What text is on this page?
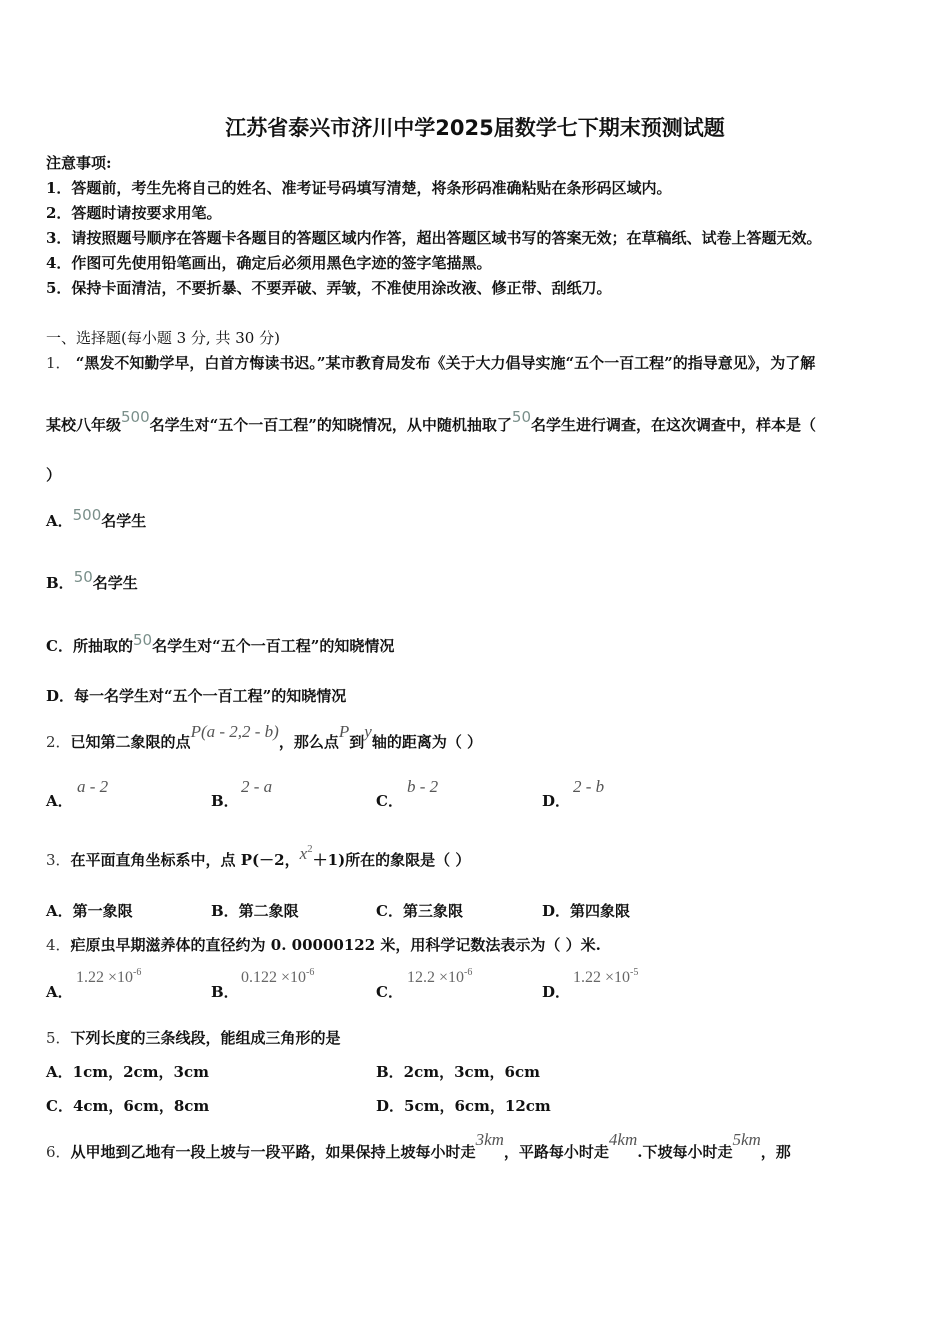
江苏省泰兴市济川中学2025届数学七下期末预测试题
注意事项:
1．答题前，考生先将自己的姓名、准考证号码填写清楚，将条形码准确粘贴在条形码区域内。
2．答题时请按要求用笔。
3．请按照题号顺序在答题卡各题目的答题区域内作答，超出答题区域书写的答案无效；在草稿纸、试卷上答题无效。
4．作图可先使用铅笔画出，确定后必须用黑色字迹的签字笔描黑。
5．保持卡面清洁，不要折暴、不要弄破、弄皱，不准使用涂改液、修正带、刮纸刀。
一、选择题(每小题 3 分, 共 30 分)
1． “黑发不知勤学早，白首方悔读书迟。”某市教育局发布《关于大力倡导实施“五个一百工程”的指导意见》，为了解
某校八年级500名学生对“五个一百工程”的知晓情况，从中随机抽取了50名学生进行调查，在这次调查中，样本是（
）
A．500名学生
B．50名学生
C．所抽取的50名学生对“五个一百工程”的知晓情况
D．每一名学生对“五个一百工程”的知晓情况
2．已知第二象限的点P(a - 2,2 - b)，那么点P到y轴的距离为（ ）
A．
a - 2
B．
2 - a
C．
b - 2
D．
2 - b
3．在平面直角坐标系中，点 P(－2，$x^2+1$)所在的象限是（ ）
A．第一象限	B．第二象限	C．第三象限	D．第四象限
4．疟原虫早期滋养体的直径约为 0. 00000122 米，用科学记数法表示为（ ）米.
A．
$1.22 \times 10^{-6}$
B．
$0.122 \times 10^{-6}$
C．
$12.2 \times 10^{-6}$
D．
$1.22 \times 10^{-5}$
5．下列长度的三条线段，能组成三角形的是
A．1cm，2cm，3cm	B．2cm，3cm，6cm
C．4cm，6cm，8cm	D．5cm，6cm，12cm
6．从甲地到乙地有一段上坡与一段平路，如果保持上坡每小时走3km，平路每小时走4km.下坡每小时走5km，那
